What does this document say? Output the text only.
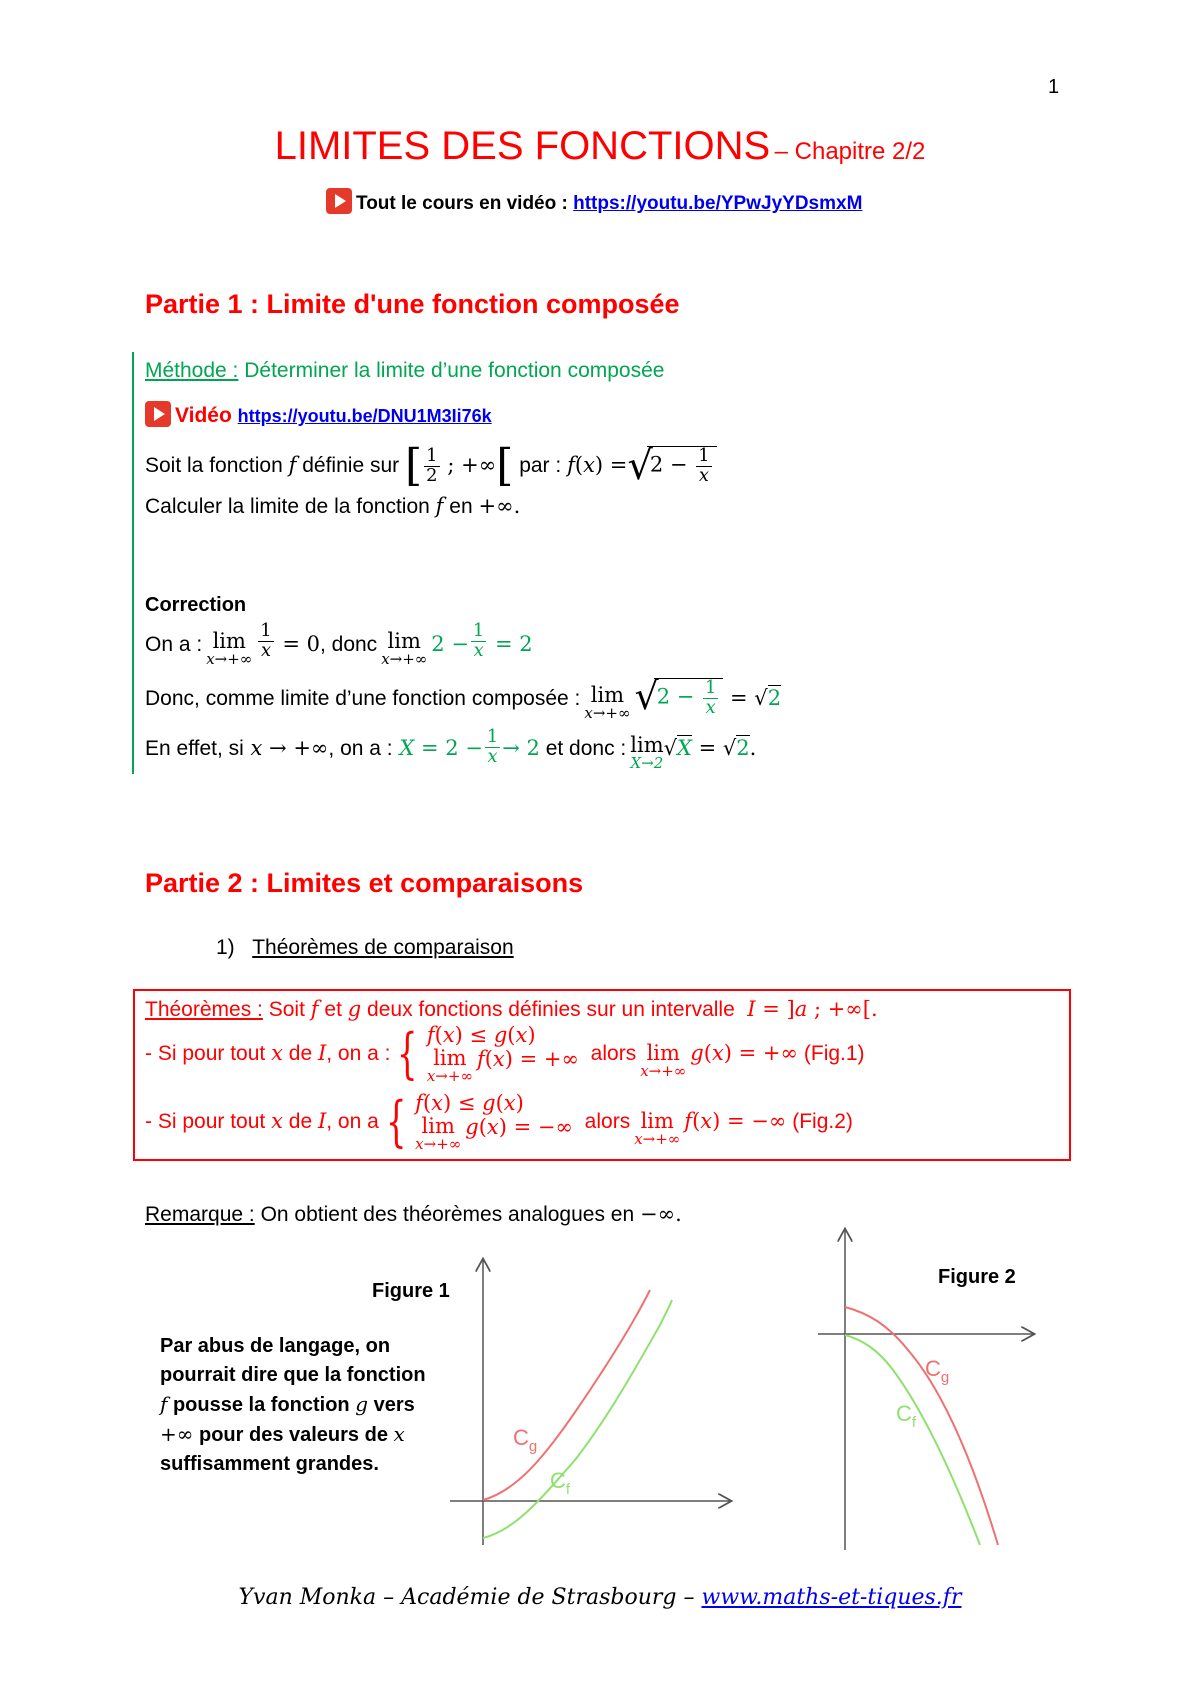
1
LIMITES DES FONCTIONS – Chapitre 2/2
Tout le cours en vidéo : https://youtu.be/YPwJyYDsmxM
Partie 1 : Limite d'une fonction composée
Méthode : Déterminer la limite d’une fonction composée
Vidéo https://youtu.be/DNU1M3Ii76k
Soit la fonction
f
définie sur
[ $\frac{1}{2}$
; +∞ [
par :
f ( x ) = √
$2 - \frac{1}{x}$
Calculer la limite de la fonction f en +∞.
Correction
On a : lim
$x\to+\infty \frac{1}{x} = 0$ , donc lim
x→+∞
$2 - \frac{1}{x} = 2$
Donc, comme limite d’une fonction composée : lim
x→+∞ √
$2 - \frac{1}{x} = √2$
En effet, si x → +∞ , on a : $X = 2 - \frac{1}{x} \to 2$
et donc : lim
X→2
√X = √2.
Partie 2 : Limites et comparaisons
1) Théorèmes de comparaison
Théorèmes : Soit f et g deux fonctions définies sur un intervalle  I = ]a ; +∞[.
- Si pour tout
x
de
I , on a : { f(x) ≤ g(x)
lim
x→+∞
f(x) = +∞
alors lim
x→+∞
g(x) = +∞
(Fig.1)
- Si pour tout
x
de
I , on a { f(x) ≤ g(x)
lim
x→+∞
g(x) = −∞
alors lim
x→+∞
f(x) = −∞
(Fig.2)
Remarque : On obtient des théorèmes analogues en −∞.
Figure 1
Par abus de langage, on
pourrait dire que la fonction
f pousse la fonction g vers
+∞ pour des valeurs de x
suffisamment grandes.
Figure 2
$C_g$
$C_f$
$C_g$
$C_f$
Yvan Monka – Académie de Strasbourg – www.maths-et-tiques.fr
